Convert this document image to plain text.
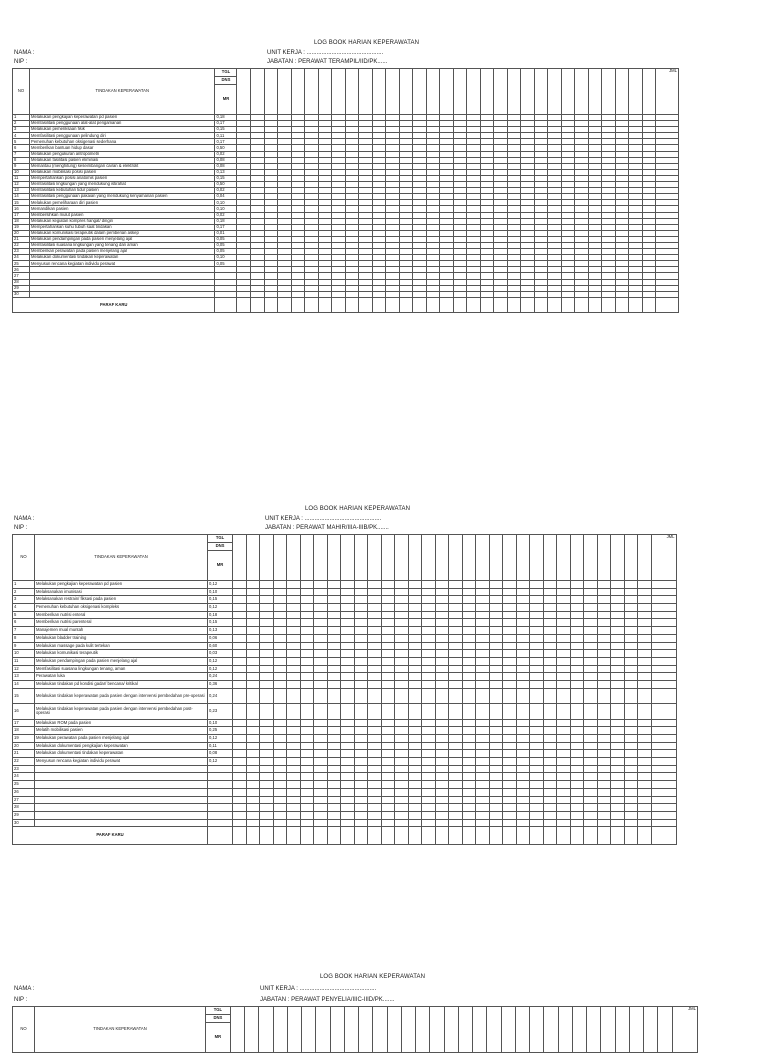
LOG BOOK HARIAN KEPERAWATAN
NAMA :
NIP :
UNIT KERJA : ..............................................
JABATAN : PERAWAT TERAMPIL/IID/PK......
NO	TINDAKAN KEPERAWATAN	TGL																																JML
		DNS																																
		MR																																
1	Melakukan pengkajian keperawatan pd pasien	0,18																																
2	Memfasilitasi penggunaan alat-alat pengamanan	0,17																																
3	Melakukan pemeriksaan fisik	0,15																																
4	Memfasilitasi penggunaan pelindung diri	0,11																																
5	Pemenuhan kebutuhan oksigenasi sederhana	0,17																																
6	Memberikan bantuan hidup dasar	0,50																																
7	Melakukan pengukuran antropometri	0,02																																
8	Melakukan fasilitasi pasien eliminasi	0,08																																
9	Memantau (menghitung) keseimbangan cairan & elektrolit	0,08																																
10	Melakukan mobilisasi posisi pasien	0,13																																
11	Mempertahankan posisi anatomis pasien	0,15																																
12	Memfasilitasi lingkungan yang mendukung istirahat	0,50																																
13	Memfasilitasi kebutuhan tidur pasien	0,02																																
14	Memfasilitasi penggunaan pakaian yang mendukung kenyamanan pasien	0,04																																
15	Melakukan pemeliharaan diri pasien	0,10																																
16	Memandikan pasien	0,10																																
17	Membersihkan mulut pasien	0,02																																
18	Melakukan kegiatan kompres hangat/ dingin	0,18																																
19	Mempertahankan suhu tubuh saat tindakan	0,17																																
20	Melakukan komunikasi terapeutik dalam pemberian askep	0,01																																
21	Melakukan pendampingan pada pasien menjelang ajal	0,05																																
22	Memfasilitasi suasana lingkungan yang tenang dan aman	0,05																																
23	Memberikan perawatan pada pasien menjelang ajal	0,05																																
24	Melakukan dokumentasi tindakan keperawatan	0,10																																
25	Menyusun rencana kegiatan individu perawat	0,05																																
26																																		
27																																		
28																																		
29																																		
30																																		
PARAF KARU																																		
LOG BOOK HARIAN KEPERAWATAN
NAMA :
NIP :
UNIT KERJA : ..............................................
JABATAN : PERAWAT MAHIR/IIIA-IIIB/PK.......
NO	TINDAKAN KEPERAWATAN	TGL																																JML
		DNS																																
		MR																																
1	Melakukan pengkajian keperawatan pd pasien	0,12																																
2	Melaksanakan imunisasi	0,10																																
3	Melaksanakan restrain/ fiksasi pada pasien	0,15																																
4	Pemenuhan kebutuhan oksigenasi kompleks	0,12																																
5	Memberikan nutrisi enteral	0,18																																
6	Memberikan nutrisi parenteral	0,15																																
7	Manajemen mual muntah	0,13																																
8	Melakukan bladder training	0,06																																
9	Melakukan massage pada kulit tertekan	0,60																																
10	Melakukan komunikasi terapeutik	0,03																																
11	Melakukan pendampingan pada pasien menjelang ajal	0,12																																
12	Memfasilitasi suasana lingkungan tenang, aman	0,12																																
13	Perawatan luka	0,24																																
14	Melakukan tindakan pd kondisi gadar/ bencana/ kritikal	0,36																																
15	Melakukan tindakan keperawatan pada pasien dengan intervensi pembedahan pre-operasi	0,24																																
16	Melakukan tindakan keperawatan pada pasien dengan intervensi pembedahan post-operasi	0,23																																
17	Melakukan ROM pada pasien	0,10																																
18	Melatih mobilisasi pasien	0,25																																
19	Melakukan perawatan pada pasien menjelang ajal	0,12																																
20	Melakukan dokumentasi pengkajian keperawatan	0,11																																
21	Melakukan dokumentasi tindakan keperawatan	0,08																																
22	Menyusun rencana kegiatan individu perawat	0,12																																
23																																		
24																																		
25																																		
26																																		
27																																		
28																																		
29																																		
30																																		
PARAF KARU																																		
LOG BOOK HARIAN KEPERAWATAN
NAMA :
NIP :
UNIT KERJA : ..............................................
JABATAN : PERAWAT PENYELIA/IIIC-IIID/PK.......
NO	TINDAKAN KEPERAWATAN	TGL																																JML
DNS
MR
